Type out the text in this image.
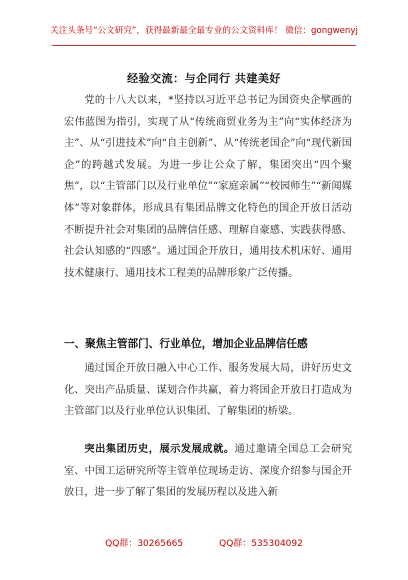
关注头条号“公文研究”，获得最新最全最专业的公文资料库！ 微信：gongwenyj
经验交流：与企同行 共建美好

党的十八大以来，*坚持以习近平总书记为国资央企擘画的宏伟蓝图为指引，实现了从“传统商贸业务为主”向“实体经济为主”、从“引进技术”向“自主创新”、从“传统老国企”向“现代新国企”的跨越式发展。为进一步让公众了解，集团突出“四个聚焦”，以“主管部门以及行业单位”“家庭亲属”“校园师生”“新闻媒体”等对象群体，形成具有集团品牌文化特色的国企开放日活动不断提升社会对集团的品牌信任感、理解自豪感、实践获得感、社会认知感的“四感”。通过国企开放日，通用技术机床好、通用技术健康行、通用技术工程美的品牌形象广泛传播。

一、聚焦主管部门、行业单位，增加企业品牌信任感

通过国企开放日融入中心工作、服务发展大局，讲好历史文化、突出产品质量、谋划合作共赢，着力将国企开放日打造成为主管部门以及行业单位认识集团、了解集团的桥梁。

突出集团历史，展示发展成就。通过邀请全国总工会研究室、中国工运研究所等主管单位现场走访、深度介绍参与国企开放日，进一步了解了集团的发展历程以及进入新

QQ群：30265665	QQ群：535304092
